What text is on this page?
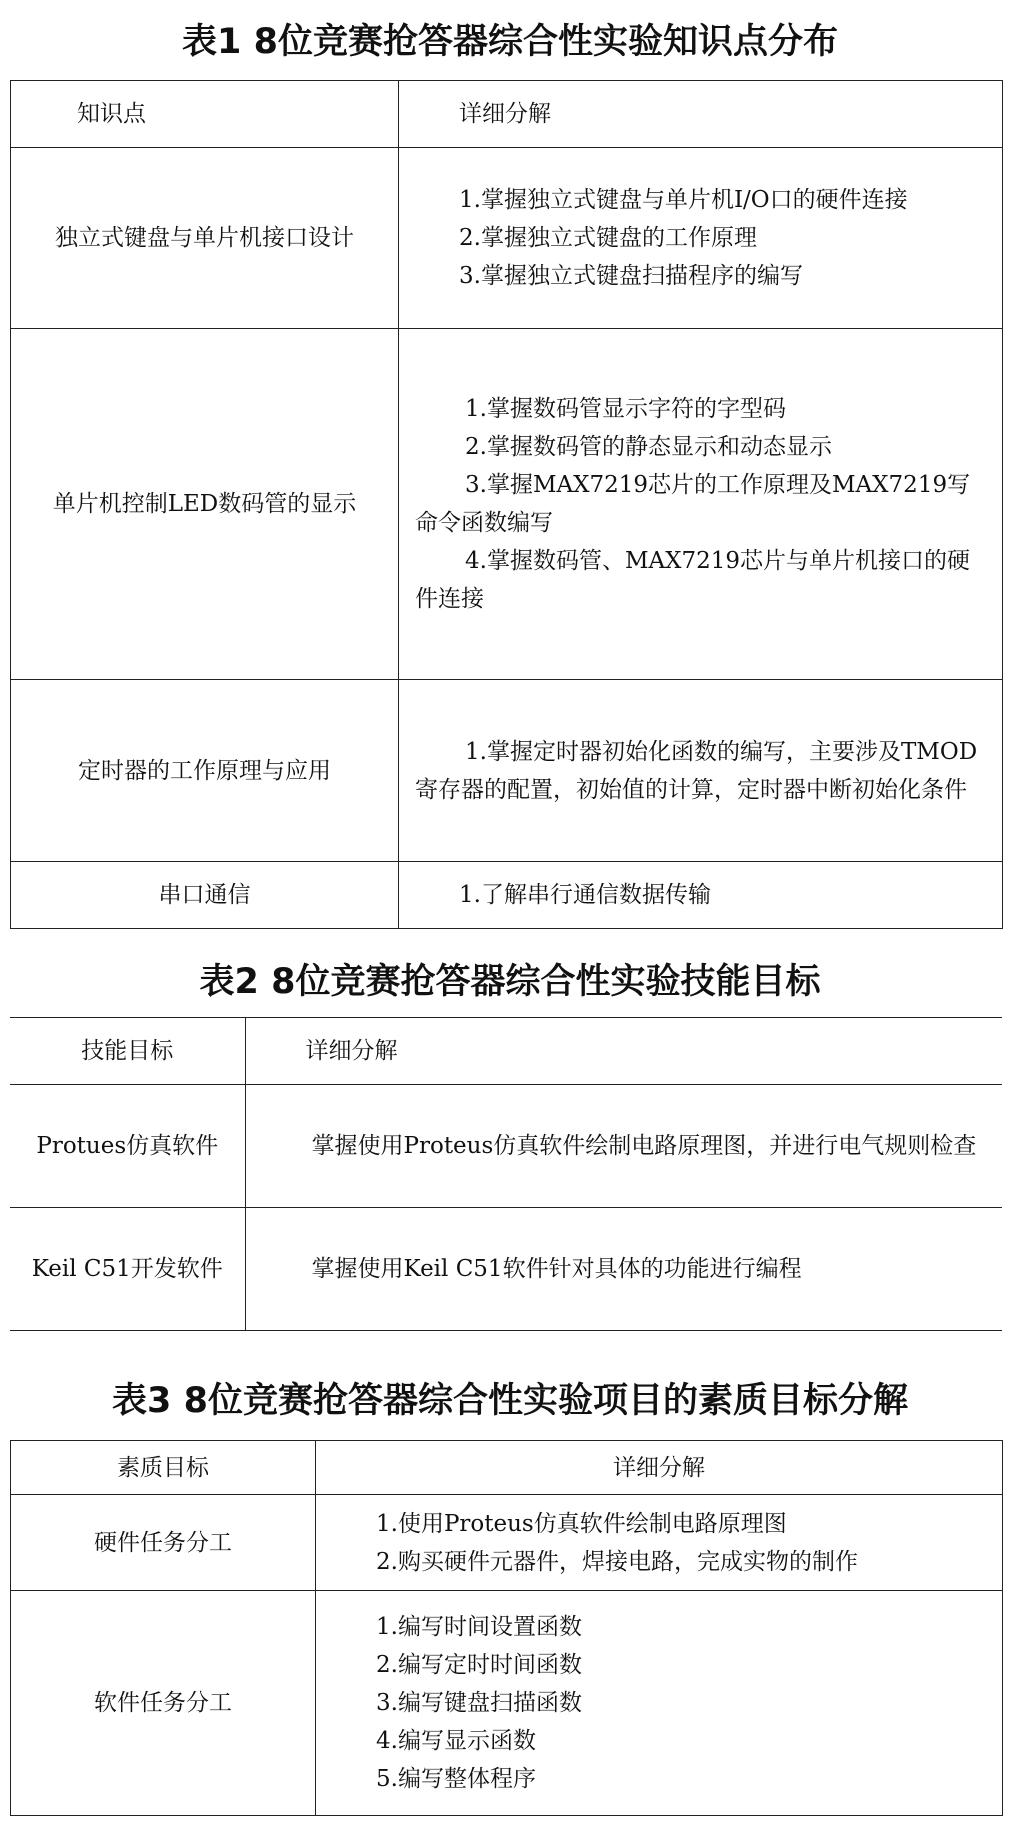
表1 8位竞赛抢答器综合性实验知识点分布
知识点	详细分解
独立式键盘与单片机接口设计	1.掌握独立式键盘与单片机I/O口的硬件连接
2.掌握独立式键盘的工作原理
3.掌握独立式键盘扫描程序的编写

单片机控制LED数码管的显示	1.掌握数码管显示字符的字型码
2.掌握数码管的静态显示和动态显示
3.掌握MAX7219芯片的工作原理及MAX7219写命令函数编写
4.掌握数码管、MAX7219芯片与单片机接口的硬件连接

定时器的工作原理与应用	1.掌握定时器初始化函数的编写，主要涉及TMOD寄存器的配置，初始值的计算，定时器中断初始化条件

串口通信	1.了解串行通信数据传输
表2 8位竞赛抢答器综合性实验技能目标
技能目标	详细分解
Protues仿真软件	掌握使用Proteus仿真软件绘制电路原理图，并进行电气规则检查

Keil C51开发软件	掌握使用Keil C51软件针对具体的功能进行编程
表3 8位竞赛抢答器综合性实验项目的素质目标分解
素质目标	详细分解
硬件任务分工	1.使用Proteus仿真软件绘制电路原理图
2.购买硬件元器件，焊接电路，完成实物的制作

软件任务分工	1.编写时间设置函数
2.编写定时时间函数
3.编写键盘扫描函数
4.编写显示函数
5.编写整体程序
